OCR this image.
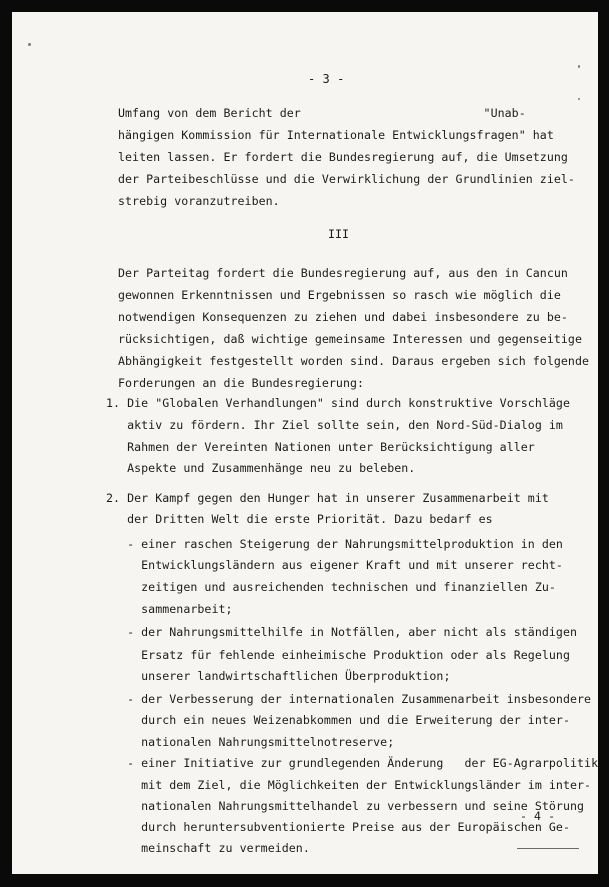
- 3 -

Umfang von dem Bericht der                          "Unab-

hängigen Kommission für Internationale Entwicklungsfragen" hat

leiten lassen. Er fordert die Bundesregierung auf, die Umsetzung

der Parteibeschlüsse und die Verwirklichung der Grundlinien ziel-

strebig voranzutreiben.

III

Der Parteitag fordert die Bundesregierung auf, aus den in Cancun

gewonnen Erkenntnissen und Ergebnissen so rasch wie möglich die

notwendigen Konsequenzen zu ziehen und dabei insbesondere zu be-

rücksichtigen, daß wichtige gemeinsame Interessen und gegenseitige

Abhängigkeit festgestellt worden sind. Daraus ergeben sich folgende

Forderungen an die Bundesregierung:

1. Die "Globalen Verhandlungen" sind durch konstruktive Vorschläge

aktiv zu fördern. Ihr Ziel sollte sein, den Nord-Süd-Dialog im

Rahmen der Vereinten Nationen unter Berücksichtigung aller

Aspekte und Zusammenhänge neu zu beleben.

2. Der Kampf gegen den Hunger hat in unserer Zusammenarbeit mit

der Dritten Welt die erste Priorität. Dazu bedarf es

- einer raschen Steigerung der Nahrungsmittelproduktion in den

Entwicklungsländern aus eigener Kraft und mit unserer recht-

zeitigen und ausreichenden technischen und finanziellen Zu-

sammenarbeit;

- der Nahrungsmittelhilfe in Notfällen, aber nicht als ständigen

Ersatz für fehlende einheimische Produktion oder als Regelung

unserer landwirtschaftlichen Überproduktion;

- der Verbesserung der internationalen Zusammenarbeit insbesondere

durch ein neues Weizenabkommen und die Erweiterung der inter-

nationalen Nahrungsmittelnotreserve;

- einer Initiative zur grundlegenden Änderung   der EG-Agrarpolitik

mit dem Ziel, die Möglichkeiten der Entwicklungsländer im inter-

nationalen Nahrungsmittelhandel zu verbessern und seine Störung

durch heruntersubventionierte Preise aus der Europäischen Ge-

meinschaft zu vermeiden.

- 4 -
